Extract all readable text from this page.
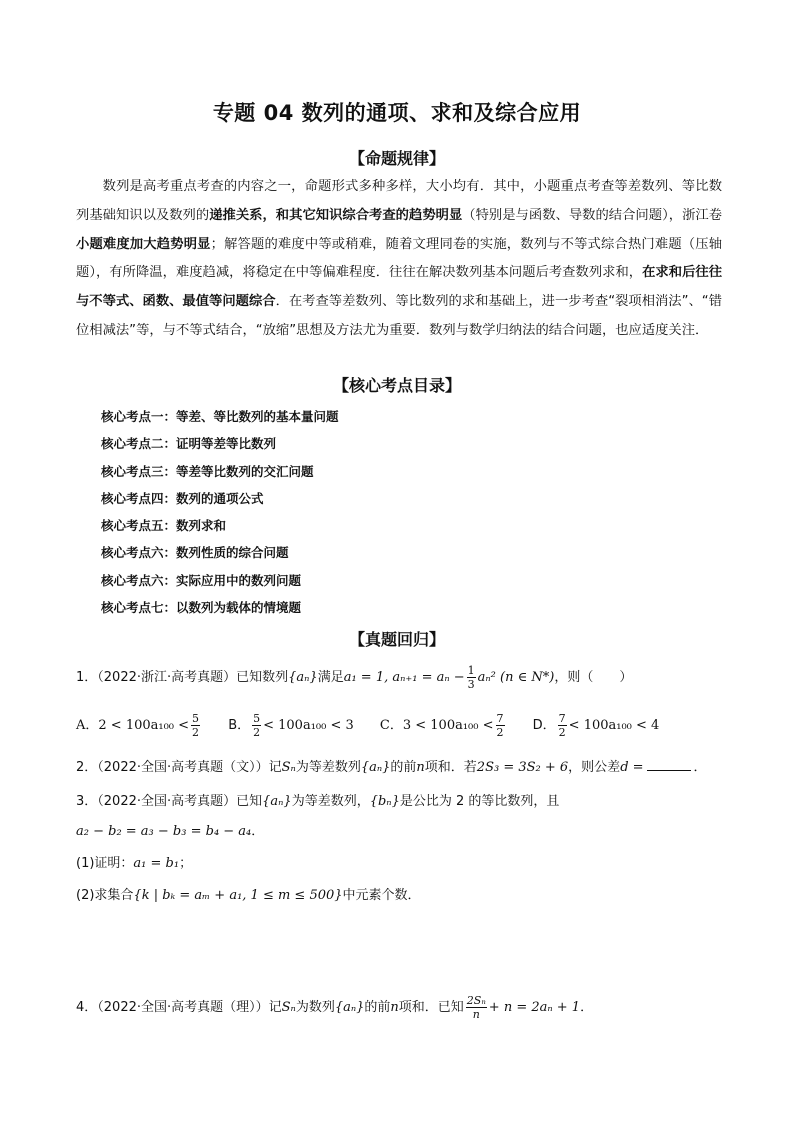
专题 04 数列的通项、求和及综合应用
【命题规律】
数列是高考重点考查的内容之一，命题形式多种多样，大小均有．其中，小题重点考查等差数列、等比数列基础知识以及数列的递推关系，和其它知识综合考查的趋势明显（特别是与函数、导数的结合问题），浙江卷小题难度加大趋势明显；解答题的难度中等或稍难，随着文理同卷的实施，数列与不等式综合热门难题（压轴题），有所降温，难度趋减，将稳定在中等偏难程度．往往在解决数列基本问题后考查数列求和，在求和后往往与不等式、函数、最值等问题综合．在考查等差数列、等比数列的求和基础上，进一步考查“裂项相消法”、“错位相减法”等，与不等式结合，“放缩”思想及方法尤为重要．数列与数学归纳法的结合问题，也应适度关注．
【核心考点目录】
核心考点一：等差、等比数列的基本量问题
核心考点二：证明等差等比数列
核心考点三：等差等比数列的交汇问题
核心考点四：数列的通项公式
核心考点五：数列求和
核心考点六：数列性质的综合问题
核心考点六：实际应用中的数列问题
核心考点七：以数列为载体的情境题
【真题回归】
1．（2022·浙江·高考真题）已知数列{aₙ}满足a₁ = 1, $a_{n+1} = a_n - \frac{1}{3} a_n^2$ (n ∈ N*)，则（　　）
A．$2 < 100a_{100} < \frac{5}{2}$ B． $\frac{5}{2} < 100a_{100} < 3$ C．$3 < 100a_{100} < \frac{7}{2}$ D． $\frac{7}{2} < 100a_{100} < 4$
2．（2022·全国·高考真题（文））记Sₙ为等差数列{aₙ}的前n项和．若2S₃ = 3S₂ + 6，则公差d =	．
3．（2022·全国·高考真题）已知{aₙ}为等差数列，{bₙ}是公比为 2 的等比数列，且
a₂ − b₂ = a₃ − b₃ = b₄ − a₄．
(1)证明：a₁ = b₁；
(2)求集合{k | bₖ = aₘ + a₁, 1 ≤ m ≤ 500}中元素个数．
4．（2022·全国·高考真题（理））记Sₙ为数列{aₙ}的前n项和．已知 $\frac{\text{2Sₙ}}{n} + n = 2a_n + 1$．
